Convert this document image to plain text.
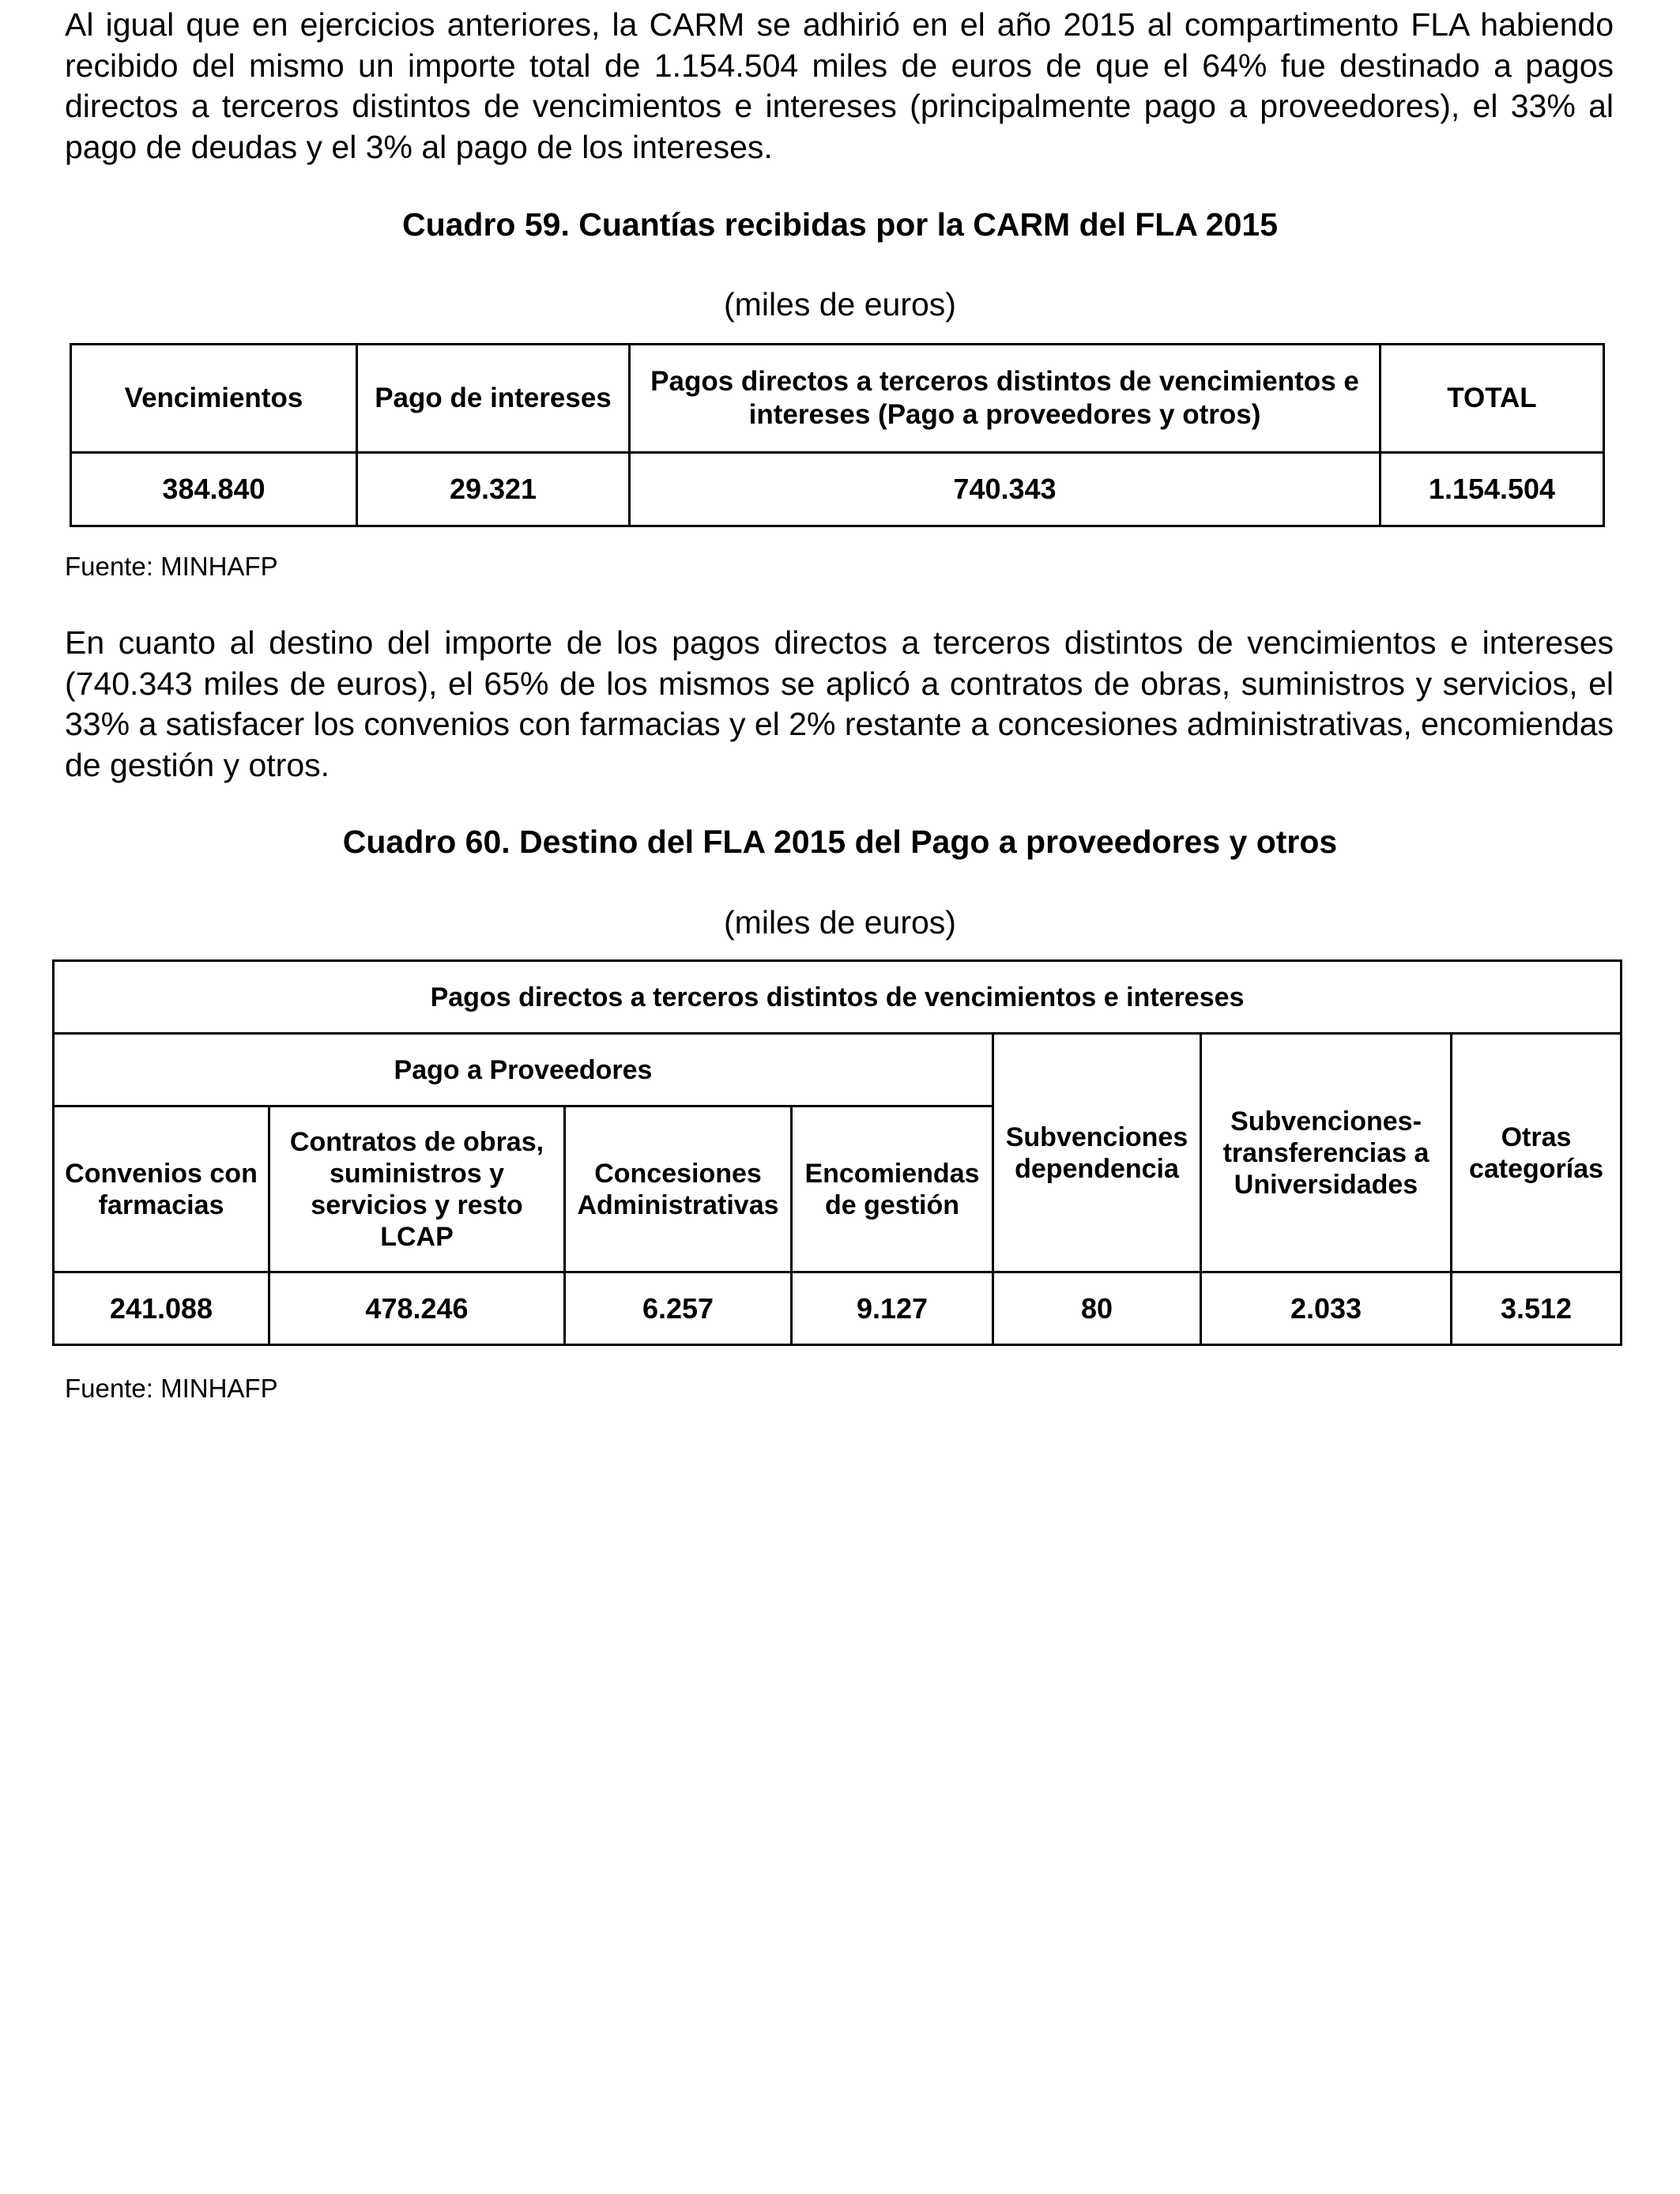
Al igual que en ejercicios anteriores, la CARM se adhirió en el año 2015 al compartimento FLA habiendo recibido del mismo un importe total de 1.154.504 miles de euros de que el 64% fue destinado a pagos directos a terceros distintos de vencimientos e intereses (principalmente pago a proveedores), el 33% al pago de deudas y el 3% al pago de los intereses.

Cuadro 59. Cuantías recibidas por la CARM del FLA 2015

(miles de euros)

Vencimientos	Pago de intereses	Pagos directos a terceros distintos de vencimientos e intereses (Pago a proveedores y otros)	TOTAL
384.840	29.321	740.343	1.154.504

Fuente: MINHAFP

En cuanto al destino del importe de los pagos directos a terceros distintos de vencimientos e intereses (740.343 miles de euros), el 65% de los mismos se aplicó a contratos de obras, suministros y servicios, el 33% a satisfacer los convenios con farmacias y el 2% restante a concesiones administrativas, encomiendas de gestión y otros.

Cuadro 60. Destino del FLA 2015 del Pago a proveedores y otros

(miles de euros)

Pagos directos a terceros distintos de vencimientos e intereses						
Pago a Proveedores				Subvenciones dependencia	Subvenciones-transferencias a Universidades	Otras categorías
Convenios con farmacias	Contratos de obras, suministros y servicios y resto LCAP	Concesiones Administrativas	Encomiendas de gestión			
241.088	478.246	6.257	9.127	80	2.033	3.512

Fuente: MINHAFP
